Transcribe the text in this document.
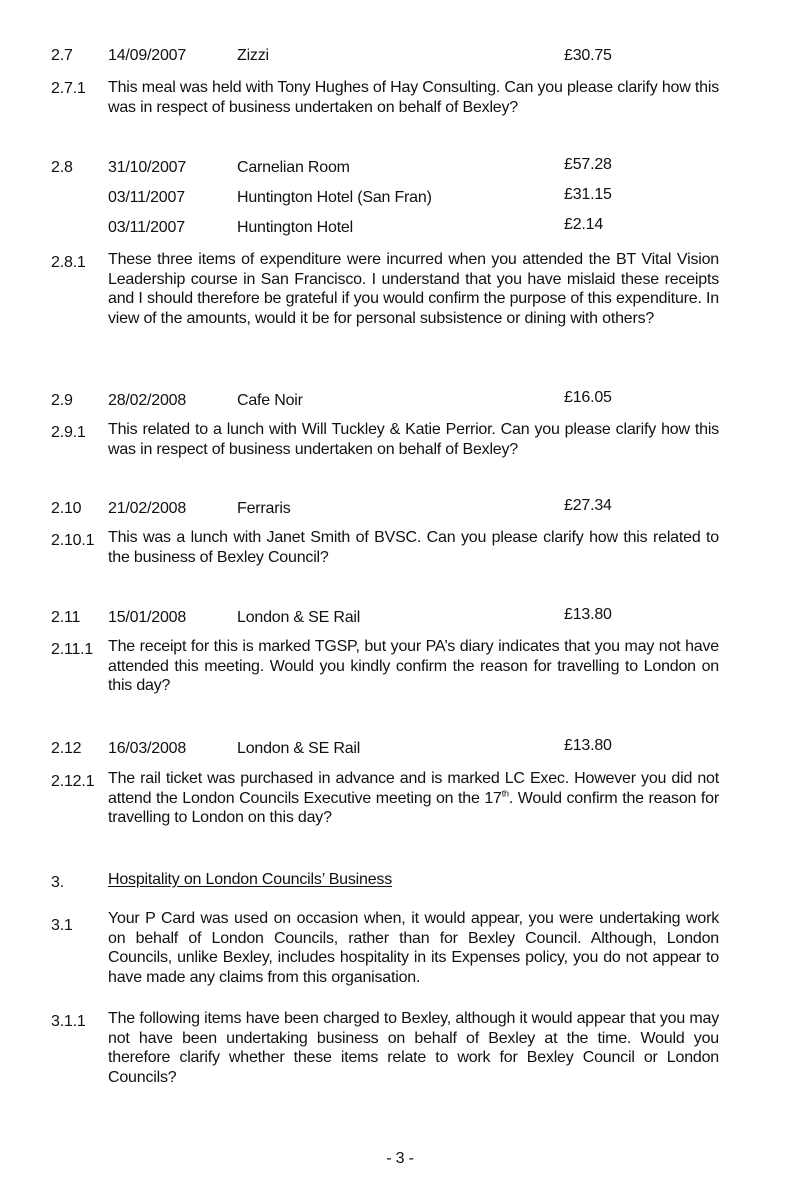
2.7 14/09/2007	Zizzi	£30.75
2.7.1 This meal was held with Tony Hughes of Hay Consulting. Can you please clarify how this was in respect of business undertaken on behalf of Bexley?
2.8 31/10/2007	Carnelian Room	£57.28
03/11/2007	Huntington Hotel (San Fran)	£31.15
03/11/2007	Huntington Hotel	£2.14
2.8.1 These three items of expenditure were incurred when you attended the BT Vital Vision Leadership course in San Francisco. I understand that you have mislaid these receipts and I should therefore be grateful if you would confirm the purpose of this expenditure. In view of the amounts, would it be for personal subsistence or dining with others?
2.9 28/02/2008	Cafe Noir	£16.05
2.9.1 This related to a lunch with Will Tuckley & Katie Perrior. Can you please clarify how this was in respect of business undertaken on behalf of Bexley?
2.10 21/02/2008	Ferraris	£27.34
2.10.1 This was a lunch with Janet Smith of BVSC. Can you please clarify how this related to the business of Bexley Council?
2.11 15/01/2008	London & SE Rail	£13.80
2.11.1 The receipt for this is marked TGSP, but your PA’s diary indicates that you may not have attended this meeting. Would you kindly confirm the reason for travelling to London on this day?
2.12 16/03/2008	London & SE Rail	£13.80
2.12.1 The rail ticket was purchased in advance and is marked LC Exec. However you did not attend the London Councils Executive meeting on the 17th. Would confirm the reason for travelling to London on this day?
3.	Hospitality on London Councils’ Business
3.1 Your P Card was used on occasion when, it would appear, you were undertaking work on behalf of London Councils, rather than for Bexley Council. Although, London Councils, unlike Bexley, includes hospitality in its Expenses policy, you do not appear to have made any claims from this organisation.
3.1.1 The following items have been charged to Bexley, although it would appear that you may not have been undertaking business on behalf of Bexley at the time. Would you therefore clarify whether these items relate to work for Bexley Council or London Councils?
- 3 -
